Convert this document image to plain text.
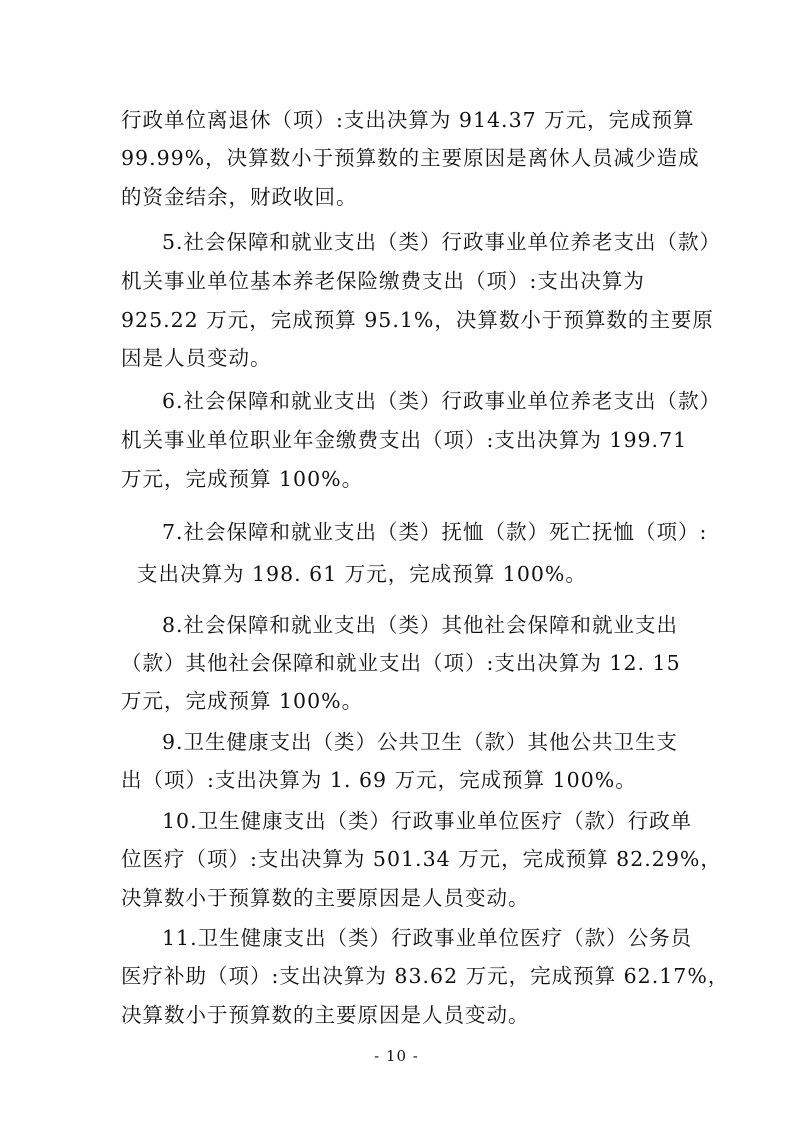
行政单位离退休（项）:支出决算为 914.37 万元，完成预算
99.99%，决算数小于预算数的主要原因是离休人员减少造成
的资金结余，财政收回。
5.社会保障和就业支出（类）行政事业单位养老支出（款）
机关事业单位基本养老保险缴费支出（项）:支出决算为
925.22 万元，完成预算 95.1%，决算数小于预算数的主要原
因是人员变动。
6.社会保障和就业支出（类）行政事业单位养老支出（款）
机关事业单位职业年金缴费支出（项）:支出决算为 199.71
万元，完成预算 100%。
7.社会保障和就业支出（类）抚恤（款）死亡抚恤（项）:
支出决算为 198. 61 万元，完成预算 100%。
8.社会保障和就业支出（类）其他社会保障和就业支出
（款）其他社会保障和就业支出（项）:支出决算为 12. 15
万元，完成预算 100%。
9.卫生健康支出（类）公共卫生（款）其他公共卫生支
出（项）:支出决算为 1. 69 万元，完成预算 100%。
10.卫生健康支出（类）行政事业单位医疗（款）行政单
位医疗（项）:支出决算为 501.34 万元，完成预算 82.29%，
决算数小于预算数的主要原因是人员变动。
11.卫生健康支出（类）行政事业单位医疗（款）公务员
医疗补助（项）:支出决算为 83.62 万元，完成预算 62.17%，
决算数小于预算数的主要原因是人员变动。
- 10 -
